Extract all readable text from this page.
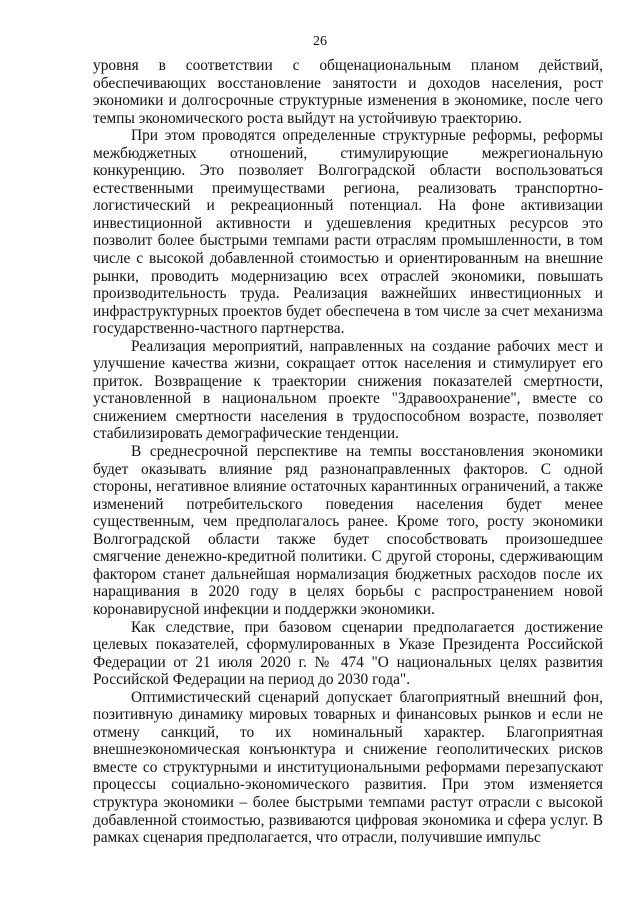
26

уровня в соответствии с общенациональным планом действий, обеспечивающих восстановление занятости и доходов населения, рост экономики и долгосрочные структурные изменения в экономике, после чего темпы экономического роста выйдут на устойчивую траекторию.

При этом проводятся определенные структурные реформы, реформы межбюджетных отношений, стимулирующие межрегиональную конкуренцию. Это позволяет Волгоградской области воспользоваться естественными преимуществами региона, реализовать транспортно-логистический и рекреационный потенциал. На фоне активизации инвестиционной активности и удешевления кредитных ресурсов это позволит более быстрыми темпами расти отраслям промышленности, в том числе с высокой добавленной стоимостью и ориентированным на внешние рынки, проводить модернизацию всех отраслей экономики, повышать производительность труда. Реализация важнейших инвестиционных и инфраструктурных проектов будет обеспечена в том числе за счет механизма государственно-частного партнерства.

Реализация мероприятий, направленных на создание рабочих мест и улучшение качества жизни, сокращает отток населения и стимулирует его приток. Возвращение к траектории снижения показателей смертности, установленной в национальном проекте "Здравоохранение", вместе со снижением смертности населения в трудоспособном возрасте, позволяет стабилизировать демографические тенденции.

В среднесрочной перспективе на темпы восстановления экономики будет оказывать влияние ряд разнонаправленных факторов. С одной стороны, негативное влияние остаточных карантинных ограничений, а также изменений потребительского поведения населения будет менее существенным, чем предполагалось ранее. Кроме того, росту экономики Волгоградской области также будет способствовать произошедшее смягчение денежно-кредитной политики. С другой стороны, сдерживающим фактором станет дальнейшая нормализация бюджетных расходов после их наращивания в 2020 году в целях борьбы с распространением новой коронавирусной инфекции и поддержки экономики.

Как следствие, при базовом сценарии предполагается достижение целевых показателей, сформулированных в Указе Президента Российской Федерации от 21 июля 2020 г. № 474 "О национальных целях развития Российской Федерации на период до 2030 года".

Оптимистический сценарий допускает благоприятный внешний фон, позитивную динамику мировых товарных и финансовых рынков и если не отмену санкций, то их номинальный характер. Благоприятная внешнеэкономическая конъюнктура и снижение геополитических рисков вместе со структурными и институциональными реформами перезапускают процессы социально-экономического развития. При этом изменяется структура экономики – более быстрыми темпами растут отрасли с высокой добавленной стоимостью, развиваются цифровая экономика и сфера услуг. В рамках сценария предполагается, что отрасли, получившие импульс
